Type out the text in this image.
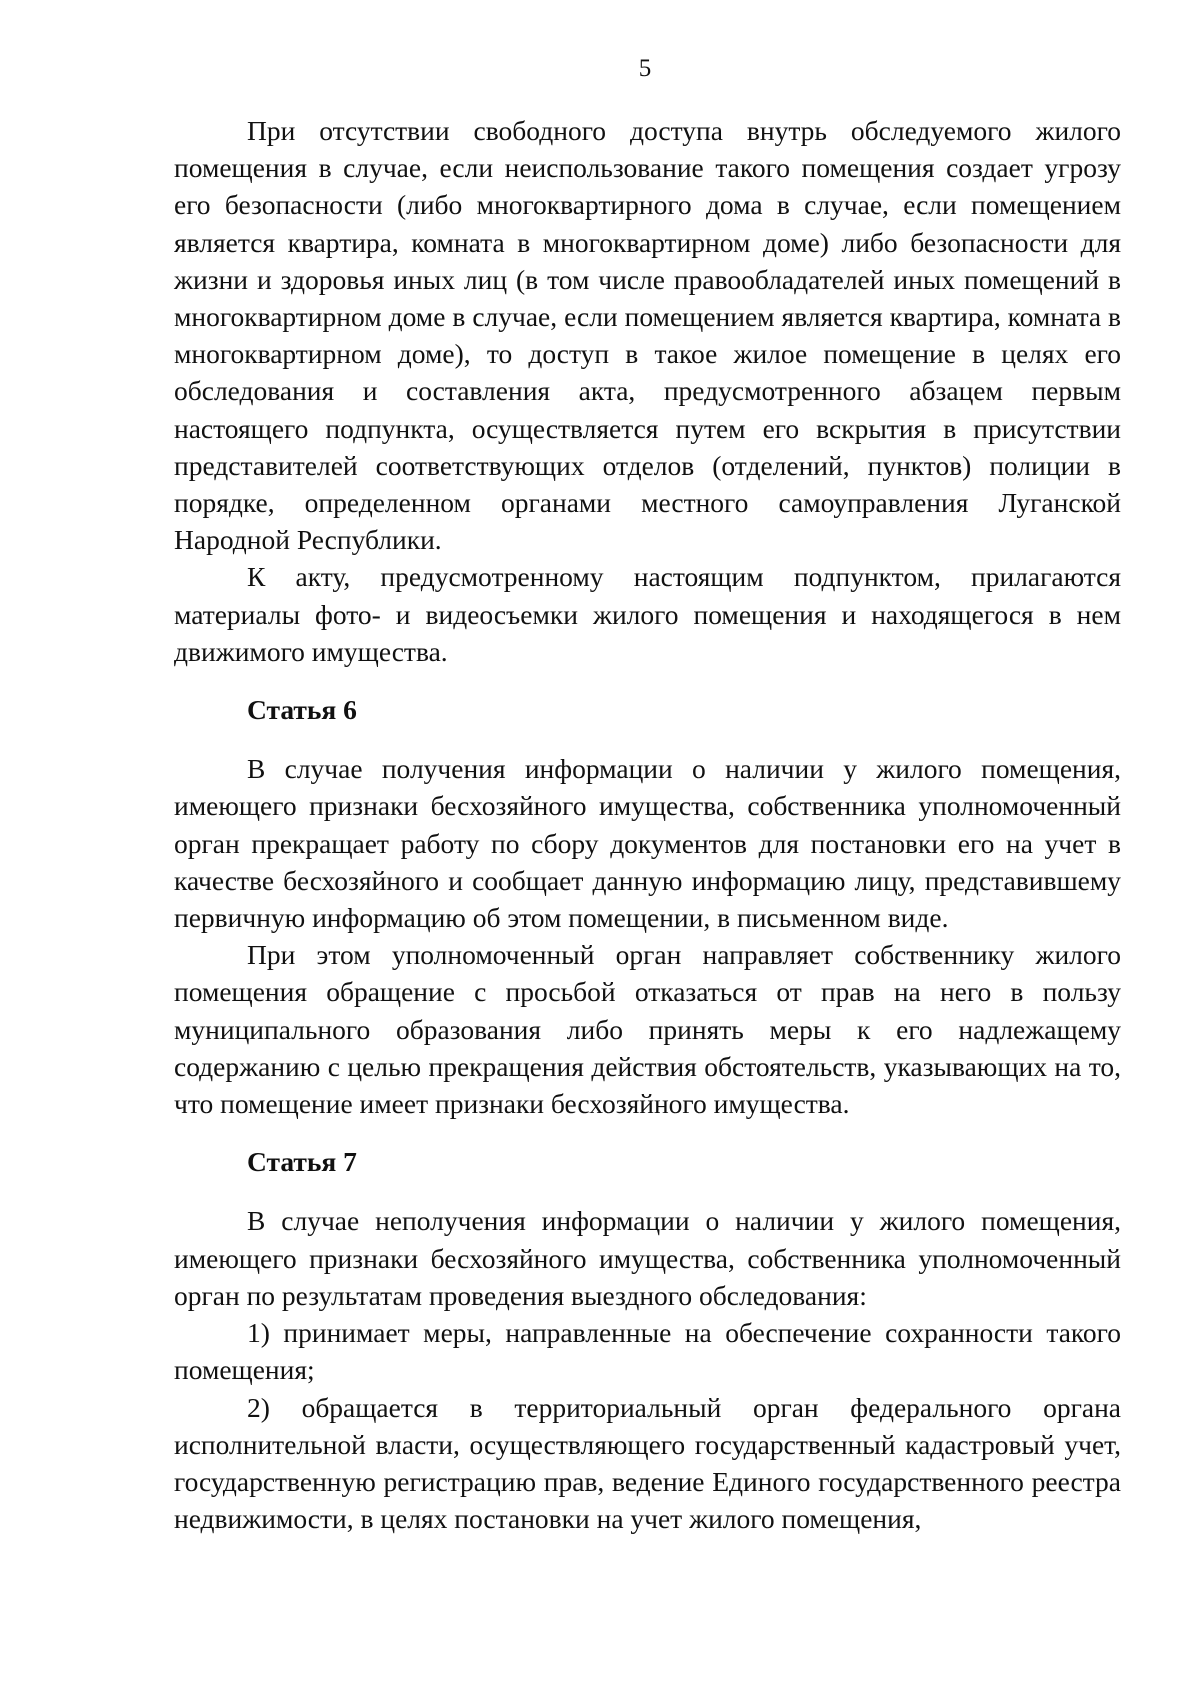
5

При отсутствии свободного доступа внутрь обследуемого жилого помещения в случае, если неиспользование такого помещения создает угрозу его безопасности (либо многоквартирного дома в случае, если помещением является квартира, комната в многоквартирном доме) либо безопасности для жизни и здоровья иных лиц (в том числе правообладателей иных помещений в многоквартирном доме в случае, если помещением является квартира, комната в многоквартирном доме), то доступ в такое жилое помещение в целях его обследования и составления акта, предусмотренного абзацем первым настоящего подпункта, осуществляется путем его вскрытия в присутствии представителей соответствующих отделов (отделений, пунктов) полиции в порядке, определенном органами местного самоуправления Луганской Народной Республики.

К акту, предусмотренному настоящим подпунктом, прилагаются материалы фото- и видеосъемки жилого помещения и находящегося в нем движимого имущества.

Статья 6

В случае получения информации о наличии у жилого помещения, имеющего признаки бесхозяйного имущества, собственника уполномоченный орган прекращает работу по сбору документов для постановки его на учет в качестве бесхозяйного и сообщает данную информацию лицу, представившему первичную информацию об этом помещении, в письменном виде.

При этом уполномоченный орган направляет собственнику жилого помещения обращение с просьбой отказаться от прав на него в пользу муниципального образования либо принять меры к его надлежащему содержанию с целью прекращения действия обстоятельств, указывающих на то, что помещение имеет признаки бесхозяйного имущества.

Статья 7

В случае неполучения информации о наличии у жилого помещения, имеющего признаки бесхозяйного имущества, собственника уполномоченный орган по результатам проведения выездного обследования:

1) принимает меры, направленные на обеспечение сохранности такого помещения;

2) обращается в территориальный орган федерального органа исполнительной власти, осуществляющего государственный кадастровый учет, государственную регистрацию прав, ведение Единого государственного реестра недвижимости, в целях постановки на учет жилого помещения,
